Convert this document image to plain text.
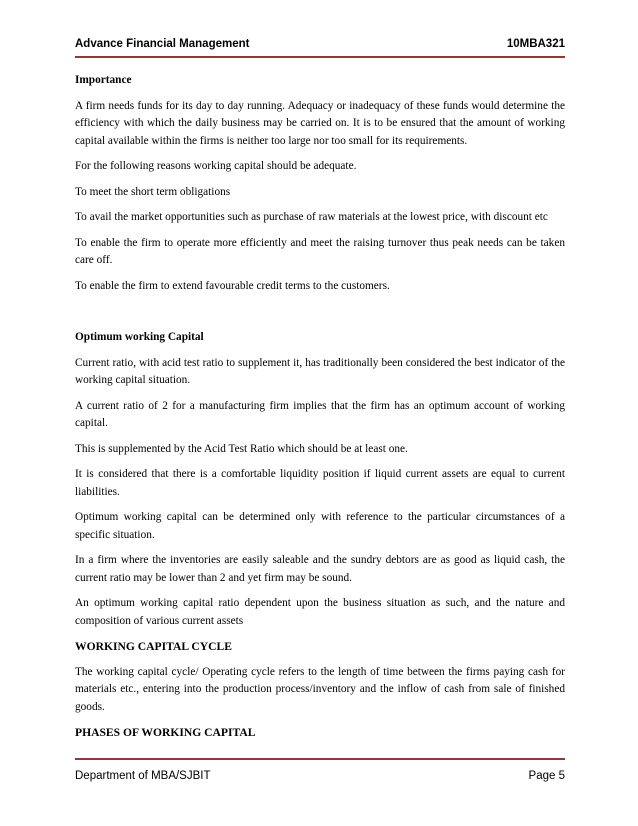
Advance Financial Management	10MBA321

Importance

A firm needs funds for its day to day running. Adequacy or inadequacy of these funds would determine the efficiency with which the daily business may be carried on. It is to be ensured that the amount of working capital available within the firms is neither too large nor too small for its requirements.

For the following reasons working capital should be adequate.

To meet the short term obligations

To avail the market opportunities such as purchase of raw materials at the lowest price, with discount etc

To enable the firm to operate more efficiently and meet the raising turnover thus peak needs can be taken care off.

To enable the firm to extend favourable credit terms to the customers.

Optimum working Capital

Current ratio, with acid test ratio to supplement it, has traditionally been considered the best indicator of the working capital situation.

A current ratio of 2 for a manufacturing firm implies that the firm has an optimum account of working capital.

This is supplemented by the Acid Test Ratio which should be at least one.

It is considered that there is a comfortable liquidity position if liquid current assets are equal to current liabilities.

Optimum working capital can be determined only with reference to the particular circumstances of a specific situation.

In a firm where the inventories are easily saleable and the sundry debtors are as good as liquid cash, the current ratio may be lower than 2 and yet firm may be sound.

An optimum working capital ratio dependent upon the business situation as such, and the nature and composition of various current assets

WORKING CAPITAL CYCLE

The working capital cycle/ Operating cycle refers to the length of time between the firms paying cash for materials etc., entering into the production process/inventory and the inflow of cash from sale of finished goods.

PHASES OF WORKING CAPITAL

Department of MBA/SJBIT	Page 5
